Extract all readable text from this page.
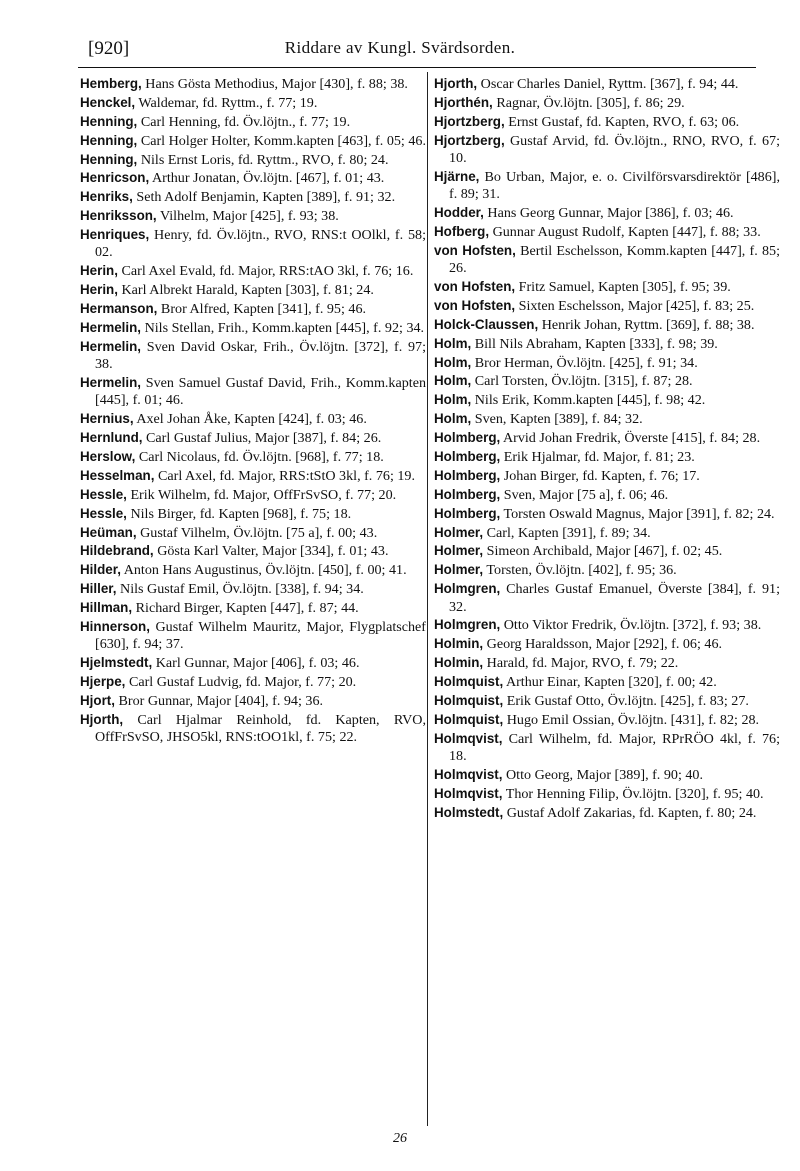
[920]	Riddare av Kungl. Svärdsorden.
Hemberg, Hans Gösta Methodius, Major [430], f. 88; 38.
Henckel, Waldemar, fd. Ryttm., f. 77; 19.
Henning, Carl Henning, fd. Öv.löjtn., f. 77; 19.
Henning, Carl Holger Holter, Komm.kapten [463], f. 05; 46.
Henning, Nils Ernst Loris, fd. Ryttm., RVO, f. 80; 24.
Henricson, Arthur Jonatan, Öv.löjtn. [467], f. 01; 43.
Henriks, Seth Adolf Benjamin, Kapten [389], f. 91; 32.
Henriksson, Vilhelm, Major [425], f. 93; 38.
Henriques, Henry, fd. Öv.löjtn., RVO, RNS:t OOlkl, f. 58; 02.
Herin, Carl Axel Evald, fd. Major, RRS:tAO 3kl, f. 76; 16.
Herin, Karl Albrekt Harald, Kapten [303], f. 81; 24.
Hermanson, Bror Alfred, Kapten [341], f. 95; 46.
Hermelin, Nils Stellan, Frih., Komm.kapten [445], f. 92; 34.
Hermelin, Sven David Oskar, Frih., Öv.löjtn. [372], f. 97; 38.
Hermelin, Sven Samuel Gustaf David, Frih., Komm.kapten [445], f. 01; 46.
Hernius, Axel Johan Åke, Kapten [424], f. 03; 46.
Hernlund, Carl Gustaf Julius, Major [387], f. 84; 26.
Herslow, Carl Nicolaus, fd. Öv.löjtn. [968], f. 77; 18.
Hesselman, Carl Axel, fd. Major, RRS:tStO 3kl, f. 76; 19.
Hessle, Erik Wilhelm, fd. Major, OffFrSvSO, f. 77; 20.
Hessle, Nils Birger, fd. Kapten [968], f. 75; 18.
Heüman, Gustaf Vilhelm, Öv.löjtn. [75 a], f. 00; 43.
Hildebrand, Gösta Karl Valter, Major [334], f. 01; 43.
Hilder, Anton Hans Augustinus, Öv.löjtn. [450], f. 00; 41.
Hiller, Nils Gustaf Emil, Öv.löjtn. [338], f. 94; 34.
Hillman, Richard Birger, Kapten [447], f. 87; 44.
Hinnerson, Gustaf Wilhelm Mauritz, Major, Flygplatschef [630], f. 94; 37.
Hjelmstedt, Karl Gunnar, Major [406], f. 03; 46.
Hjerpe, Carl Gustaf Ludvig, fd. Major, f. 77; 20.
Hjort, Bror Gunnar, Major [404], f. 94; 36.
Hjorth, Carl Hjalmar Reinhold, fd. Kapten, RVO, OffFrSvSO, JHSO5kl, RNS:tOO1kl, f. 75; 22.
Hjorth, Oscar Charles Daniel, Ryttm. [367], f. 94; 44.
Hjorthén, Ragnar, Öv.löjtn. [305], f. 86; 29.
Hjortzberg, Ernst Gustaf, fd. Kapten, RVO, f. 63; 06.
Hjortzberg, Gustaf Arvid, fd. Öv.löjtn., RNO, RVO, f. 67; 10.
Hjärne, Bo Urban, Major, e. o. Civilförsvarsdirektör [486], f. 89; 31.
Hodder, Hans Georg Gunnar, Major [386], f. 03; 46.
Hofberg, Gunnar August Rudolf, Kapten [447], f. 88; 33.
von Hofsten, Bertil Eschelsson, Komm.kapten [447], f. 85; 26.
von Hofsten, Fritz Samuel, Kapten [305], f. 95; 39.
von Hofsten, Sixten Eschelsson, Major [425], f. 83; 25.
Holck-Claussen, Henrik Johan, Ryttm. [369], f. 88; 38.
Holm, Bill Nils Abraham, Kapten [333], f. 98; 39.
Holm, Bror Herman, Öv.löjtn. [425], f. 91; 34.
Holm, Carl Torsten, Öv.löjtn. [315], f. 87; 28.
Holm, Nils Erik, Komm.kapten [445], f. 98; 42.
Holm, Sven, Kapten [389], f. 84; 32.
Holmberg, Arvid Johan Fredrik, Överste [415], f. 84; 28.
Holmberg, Erik Hjalmar, fd. Major, f. 81; 23.
Holmberg, Johan Birger, fd. Kapten, f. 76; 17.
Holmberg, Sven, Major [75 a], f. 06; 46.
Holmberg, Torsten Oswald Magnus, Major [391], f. 82; 24.
Holmer, Carl, Kapten [391], f. 89; 34.
Holmer, Simeon Archibald, Major [467], f. 02; 45.
Holmer, Torsten, Öv.löjtn. [402], f. 95; 36.
Holmgren, Charles Gustaf Emanuel, Överste [384], f. 91; 32.
Holmgren, Otto Viktor Fredrik, Öv.löjtn. [372], f. 93; 38.
Holmin, Georg Haraldsson, Major [292], f. 06; 46.
Holmin, Harald, fd. Major, RVO, f. 79; 22.
Holmquist, Arthur Einar, Kapten [320], f. 00; 42.
Holmquist, Erik Gustaf Otto, Öv.löjtn. [425], f. 83; 27.
Holmquist, Hugo Emil Ossian, Öv.löjtn. [431], f. 82; 28.
Holmqvist, Carl Wilhelm, fd. Major, RPrRÖO 4kl, f. 76; 18.
Holmqvist, Otto Georg, Major [389], f. 90; 40.
Holmqvist, Thor Henning Filip, Öv.löjtn. [320], f. 95; 40.
Holmstedt, Gustaf Adolf Zakarias, fd. Kapten, f. 80; 24.
26
